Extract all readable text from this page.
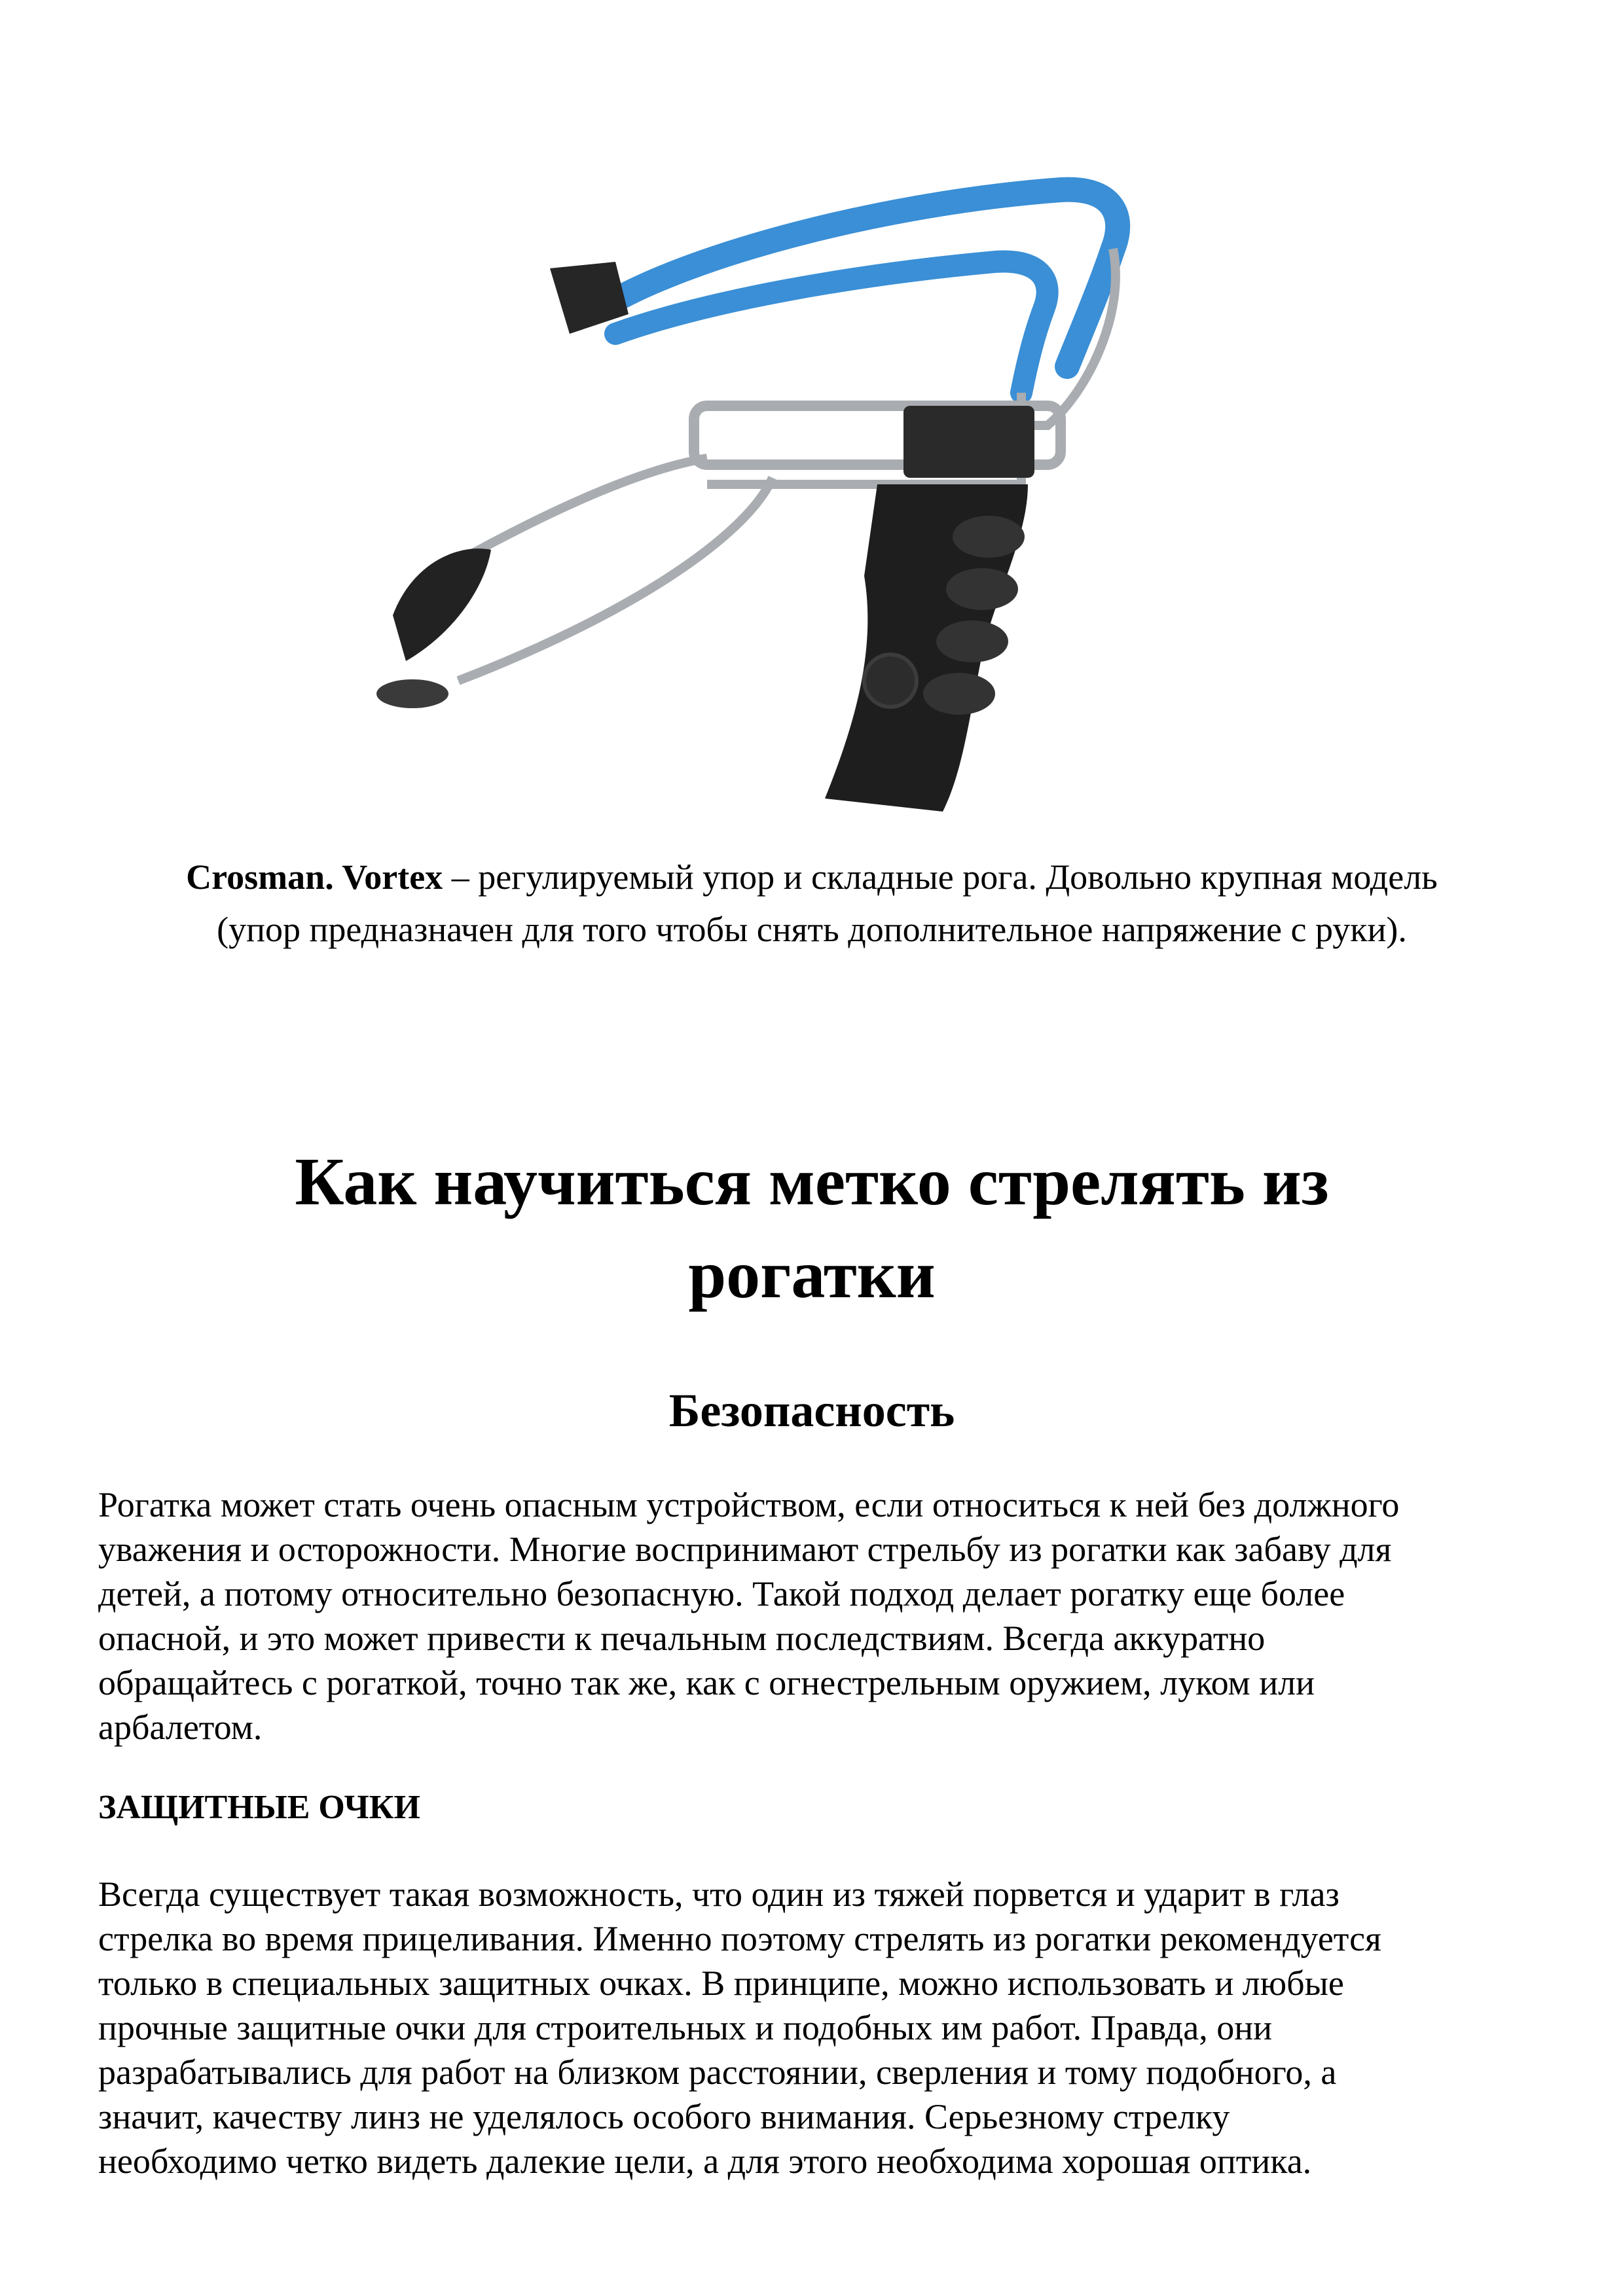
Crosman. Vortex – регулируемый упор и складные рога. Довольно крупная модель
(упор предназначен для того чтобы снять дополнительное напряжение с руки).
Как научиться метко стрелять из
рогатки
Безопасность
Рогатка может стать очень опасным устройством, если относиться к ней без должного
уважения и осторожности. Многие воспринимают стрельбу из рогатки как забаву для
детей, а потому относительно безопасную. Такой подход делает рогатку еще более
опасной, и это может привести к печальным последствиям. Всегда аккуратно
обращайтесь с рогаткой, точно так же, как с огнестрельным оружием, луком или
арбалетом.
ЗАЩИТНЫЕ ОЧКИ
Всегда существует такая возможность, что один из тяжей порвется и ударит в глаз
стрелка во время прицеливания. Именно поэтому стрелять из рогатки рекомендуется
только в специальных защитных очках. В принципе, можно использовать и любые
прочные защитные очки для строительных и подобных им работ. Правда, они
разрабатывались для работ на близком расстоянии, сверления и тому подобного, а
значит, качеству линз не уделялось особого внимания. Серьезному стрелку
необходимо четко видеть далекие цели, а для этого необходима хорошая оптика.
